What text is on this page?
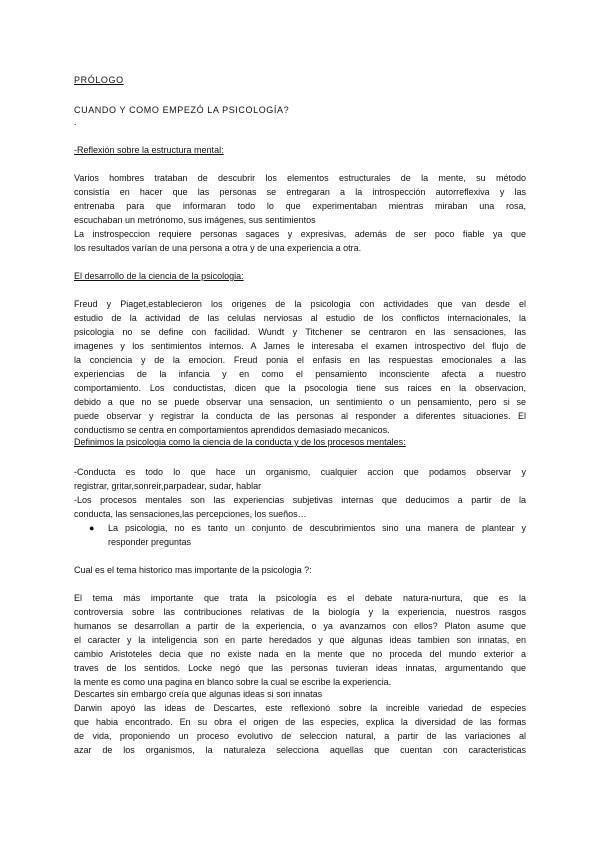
PRÓLOGO
CUANDO Y COMO EMPEZÓ LA PSICOLOGÍA?
.
-Reflexión sobre la estructura mental:
Varios hombres trataban de descubrir los elementos estructurales de la mente, su método
consistía en hacer que las personas se entregaran a la introspección autorreflexiva y las
entrenaba para que informaran todo lo que experimentaban mientras miraban una rosa,
escuchaban un metrónomo, sus imágenes, sus sentimientos
La instrospeccion requiere personas sagaces y expresivas, además de ser poco fiable ya que
los resultados varían de una persona a otra y de una experiencia a otra.
El desarrollo de la ciencia de la psicologia:
Freud y Piaget,establecieron los origenes de la psicologia con actividades que van desde el
estudio de la actividad de las celulas nerviosas al estudio de los conflictos internacionales, la
psicologia no se define con facilidad. Wundt y Titchener se centraron en las sensaciones, las
imagenes y los sentimientos internos. A James le interesaba el examen introspectivo del flujo de
la conciencia y de la emocion. Freud ponia el enfasis en las respuestas emocionales a las
experiencias de la infancia y en como el pensamiento inconsciente afecta a nuestro
comportamiento. Los conductistas, dicen que la psocologia tiene sus raices en la observacion,
debido a que no se puede observar una sensacion, un sentimiento o un pensamiento, pero si se
puede observar y registrar la conducta de las personas al responder a diferentes situaciones. El
conductismo se centra en comportamientos aprendidos demasiado mecanicos.
Definimos la psicologia como la ciencia de la conducta y de los procesos mentales:
-Conducta es todo lo que hace un organismo, cualquier accion que podamos observar y
registrar, gritar,sonreir,parpadear, sudar, hablar
-Los procesos mentales son las experiencias subjetivas internas que deducimos a partir de la
conducta, las sensaciones,las percepciones, los sueños…
● La psicologia, no es tanto un conjunto de descubrimientos sino una manera de plantear y
responder preguntas
Cual es el tema historico mas importante de la psicologia ?:
El tema más importante que trata la psicología es el debate natura-nurtura, que es la
controversia sobre las contribuciones relativas de la biología y la experiencia, nuestros rasgos
humanos se desarrollan a partir de la experiencia, o ya avanzamos con ellos? Platon asume que
el caracter y la inteligencia son en parte heredados y que algunas ideas tambien son innatas, en
cambio Aristoteles decia que no existe nada en la mente que no proceda del mundo exterior a
traves de los sentidos. Locke negó que las personas tuvieran ideas innatas, argumentando que
la mente es como una pagina en blanco sobre la cual se escribe la experiencia.
Descartes sin embargo creía que algunas ideas si son innatas
Darwin apoyó las ideas de Descartes, este reflexionó sobre la increible variedad de especies
que habia encontrado. En su obra el origen de las especies, explica la diversidad de las formas
de vida, proponiendo un proceso evolutivo de seleccion natural, a partir de las variaciones al
azar de los organismos, la naturaleza selecciona aquellas que cuentan con caracteristicas
